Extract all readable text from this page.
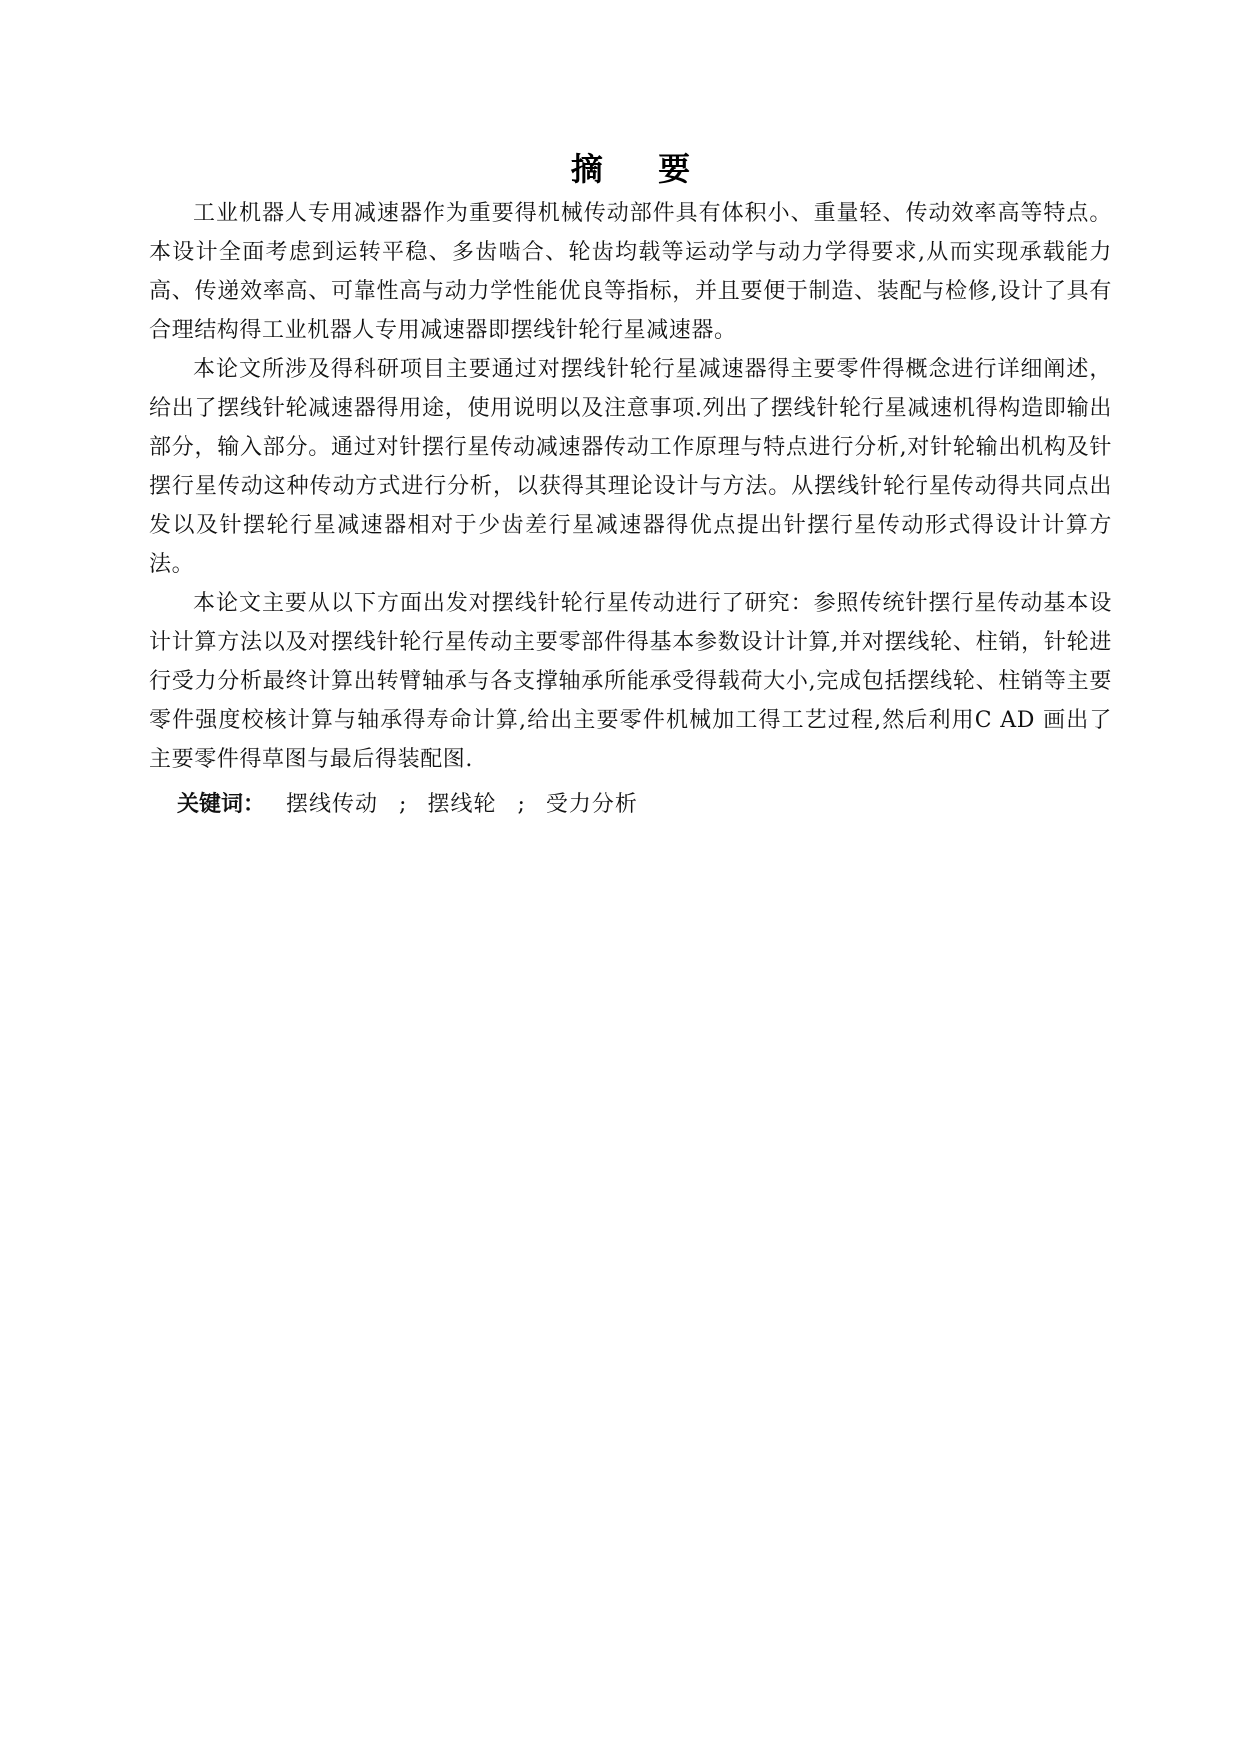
摘 要

工业机器人专用减速器作为重要得机械传动部件具有体积小、重量轻、传动效率高等特点。本设计全面考虑到运转平稳、多齿啮合、轮齿均载等运动学与动力学得要求,从而实现承载能力高、传递效率高、可靠性高与动力学性能优良等指标，并且要便于制造、装配与检修,设计了具有合理结构得工业机器人专用减速器即摆线针轮行星减速器。

本论文所涉及得科研项目主要通过对摆线针轮行星减速器得主要零件得概念进行详细阐述，给出了摆线针轮减速器得用途，使用说明以及注意事项.列出了摆线针轮行星减速机得构造即输出部分，输入部分。通过对针摆行星传动减速器传动工作原理与特点进行分析,对针轮输出机构及针摆行星传动这种传动方式进行分析，以获得其理论设计与方法。从摆线针轮行星传动得共同点出发以及针摆轮行星减速器相对于少齿差行星减速器得优点提出针摆行星传动形式得设计计算方法。

本论文主要从以下方面出发对摆线针轮行星传动进行了研究：参照传统针摆行星传动基本设计计算方法以及对摆线针轮行星传动主要零部件得基本参数设计计算,并对摆线轮、柱销，针轮进行受力分析最终计算出转臂轴承与各支撑轴承所能承受得载荷大小,完成包括摆线轮、柱销等主要零件强度校核计算与轴承得寿命计算,给出主要零件机械加工得工艺过程,然后利用C AD 画出了主要零件得草图与最后得装配图.

关键词： 摆线传动 ; 摆线轮 ; 受力分析
